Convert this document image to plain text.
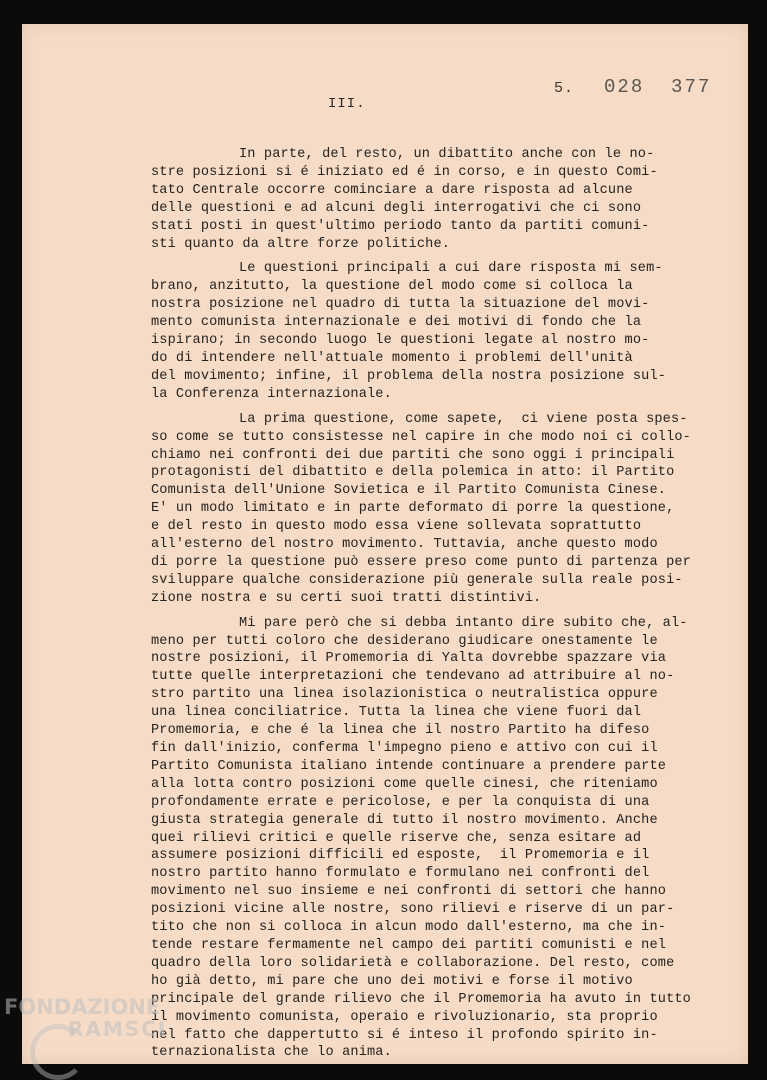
5. 028  377
III.
In parte, del resto, un dibattito anche con le no-
stre posizioni si é iniziato ed é in corso, e in questo Comi-
tato Centrale occorre cominciare a dare risposta ad alcune
delle questioni e ad alcuni degli interrogativi che ci sono
stati posti in quest'ultimo periodo tanto da partiti comuni-
sti quanto da altre forze politiche.
Le questioni principali a cui dare risposta mi sem-
brano, anzitutto, la questione del modo come si colloca la
nostra posizione nel quadro di tutta la situazione del movi-
mento comunista internazionale e dei motivi di fondo che la
ispirano; in secondo luogo le questioni legate al nostro mo-
do di intendere nell'attuale momento i problemi dell'unità
del movimento; infine, il problema della nostra posizione sul-
la Conferenza internazionale.
La prima questione, come sapete,  ci viene posta spes-
so come se tutto consistesse nel capire in che modo noi ci collo-
chiamo nei confronti dei due partiti che sono oggi i principali
protagonisti del dibattito e della polemica in atto: il Partito
Comunista dell'Unione Sovietica e il Partito Comunista Cinese.
E' un modo limitato e in parte deformato di porre la questione,
e del resto in questo modo essa viene sollevata soprattutto
all'esterno del nostro movimento. Tuttavia, anche questo modo
di porre la questione può essere preso come punto di partenza per
sviluppare qualche considerazione più generale sulla reale posi-
zione nostra e su certi suoi tratti distintivi.
Mi pare però che si debba intanto dire subito che, al-
meno per tutti coloro che desiderano giudicare onestamente le
nostre posizioni, il Promemoria di Yalta dovrebbe spazzare via
tutte quelle interpretazioni che tendevano ad attribuire al no-
stro partito una linea isolazionistica o neutralistica oppure
una linea conciliatrice. Tutta la linea che viene fuori dal
Promemoria, e che é la linea che il nostro Partito ha difeso
fin dall'inizio, conferma l'impegno pieno e attivo con cui il
Partito Comunista italiano intende continuare a prendere parte
alla lotta contro posizioni come quelle cinesi, che riteniamo
profondamente errate e pericolose, e per la conquista di una
giusta strategia generale di tutto il nostro movimento. Anche
quei rilievi critici e quelle riserve che, senza esitare ad
assumere posizioni difficili ed esposte,  il Promemoria e il
nostro partito hanno formulato e formulano nei confronti del
movimento nel suo insieme e nei confronti di settori che hanno
posizioni vicine alle nostre, sono rilievi e riserve di un par-
tito che non si colloca in alcun modo dall'esterno, ma che in-
tende restare fermamente nel campo dei partiti comunisti e nel
quadro della loro solidarietà e collaborazione. Del resto, come
ho già detto, mi pare che uno dei motivi e forse il motivo
principale del grande rilievo che il Promemoria ha avuto in tutto
il movimento comunista, operaio e rivoluzionario, sta proprio
nel fatto che dappertutto si é inteso il profondo spirito in-
ternazionalista che lo anima.
FONDAZIONE
RAMSCI
